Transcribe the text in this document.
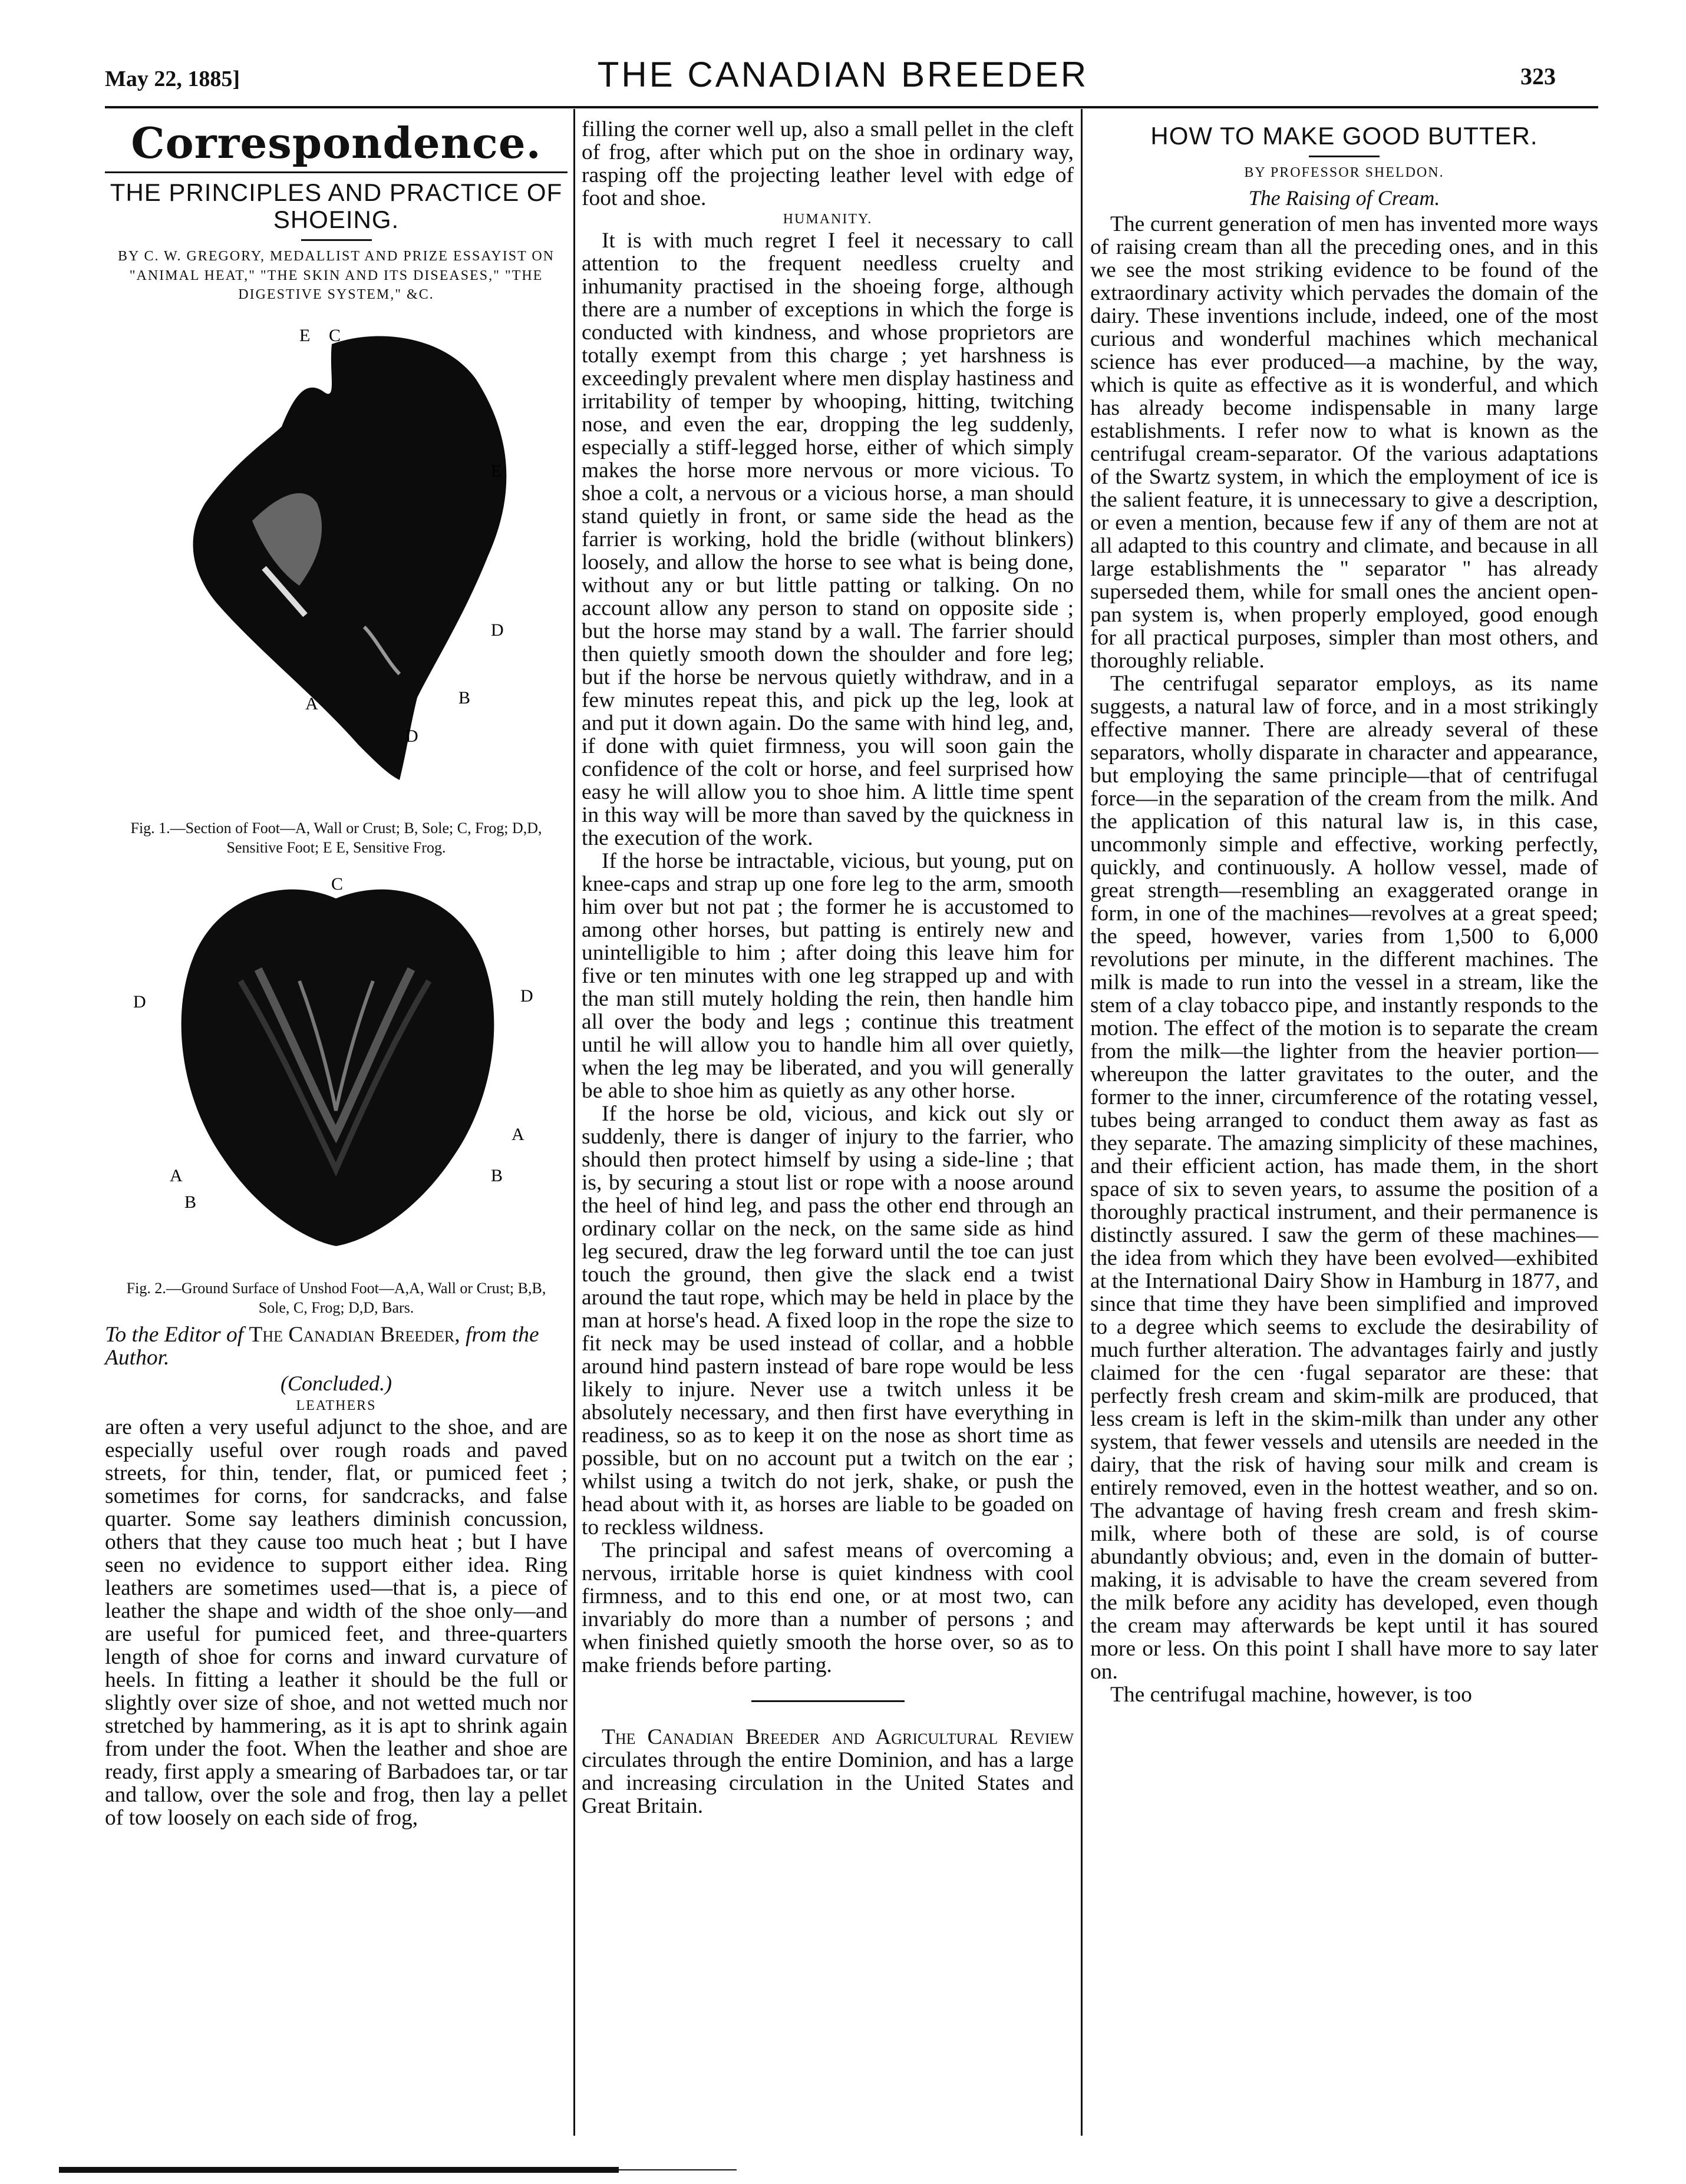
May 22, 1885]	THE CANADIAN BREEDER	323
Correspondence.
THE PRINCIPLES AND PRACTICE OF SHOEING.
BY C. W. GREGORY, MEDALLIST AND PRIZE ESSAYIST ON "ANIMAL HEAT," "THE SKIN AND ITS DISEASES," "THE DIGESTIVE SYSTEM," &C.
E C
E
D
B
A
D
Fig. 1.—Section of Foot—A, Wall or Crust; B, Sole; C, Frog; D,D, Sensitive Foot; E E, Sensitive Frog.
C
D	D
A
A	B
B
Fig. 2.—Ground Surface of Unshod Foot—A,A, Wall or Crust; B,B, Sole, C, Frog; D,D, Bars.

To the Editor of The Canadian Breeder, from the Author.

(Concluded.)
LEATHERS

are often a very useful adjunct to the shoe, and are especially useful over rough roads and paved streets, for thin, tender, flat, or pumiced feet ; sometimes for corns, for sandcracks, and false quarter. Some say leathers diminish concussion, others that they cause too much heat ; but I have seen no evidence to support either idea. Ring leathers are sometimes used—that is, a piece of leather the shape and width of the shoe only—and are useful for pumiced feet, and three-quarters length of shoe for corns and inward curvature of heels. In fitting a leather it should be the full or slightly over size of shoe, and not wetted much nor stretched by hammering, as it is apt to shrink again from under the foot. When the leather and shoe are ready, first apply a smearing of Barbadoes tar, or tar and tallow, over the sole and frog, then lay a pellet of tow loosely on each side of frog,

filling the corner well up, also a small pellet in the cleft of frog, after which put on the shoe in ordinary way, rasping off the projecting leather level with edge of foot and shoe.

HUMANITY.

It is with much regret I feel it necessary to call attention to the frequent needless cruelty and inhumanity practised in the shoeing forge, although there are a number of exceptions in which the forge is conducted with kindness, and whose proprietors are totally exempt from this charge ; yet harshness is exceedingly prevalent where men display hastiness and irritability of temper by whooping, hitting, twitching nose, and even the ear, dropping the leg suddenly, especially a stiff-legged horse, either of which simply makes the horse more nervous or more vicious. To shoe a colt, a nervous or a vicious horse, a man should stand quietly in front, or same side the head as the farrier is working, hold the bridle (without blinkers) loosely, and allow the horse to see what is being done, without any or but little patting or talking. On no account allow any person to stand on opposite side ; but the horse may stand by a wall. The farrier should then quietly smooth down the shoulder and fore leg; but if the horse be nervous quietly withdraw, and in a few minutes repeat this, and pick up the leg, look at and put it down again. Do the same with hind leg, and, if done with quiet firmness, you will soon gain the confidence of the colt or horse, and feel surprised how easy he will allow you to shoe him. A little time spent in this way will be more than saved by the quickness in the execution of the work.

If the horse be intractable, vicious, but young, put on knee-caps and strap up one fore leg to the arm, smooth him over but not pat ; the former he is accustomed to among other horses, but patting is entirely new and unintelligible to him ; after doing this leave him for five or ten minutes with one leg strapped up and with the man still mutely holding the rein, then handle him all over the body and legs ; continue this treatment until he will allow you to handle him all over quietly, when the leg may be liberated, and you will generally be able to shoe him as quietly as any other horse.

If the horse be old, vicious, and kick out sly or suddenly, there is danger of injury to the farrier, who should then protect himself by using a side-line ; that is, by securing a stout list or rope with a noose around the heel of hind leg, and pass the other end through an ordinary collar on the neck, on the same side as hind leg secured, draw the leg forward until the toe can just touch the ground, then give the slack end a twist around the taut rope, which may be held in place by the man at horse's head. A fixed loop in the rope the size to fit neck may be used instead of collar, and a hobble around hind pastern instead of bare rope would be less likely to injure. Never use a twitch unless it be absolutely necessary, and then first have everything in readiness, so as to keep it on the nose as short time as possible, but on no account put a twitch on the ear ; whilst using a twitch do not jerk, shake, or push the head about with it, as horses are liable to be goaded on to reckless wildness.

The principal and safest means of overcoming a nervous, irritable horse is quiet kindness with cool firmness, and to this end one, or at most two, can invariably do more than a number of persons ; and when finished quietly smooth the horse over, so as to make friends before parting.

The Canadian Breeder and Agricultural Review circulates through the entire Dominion, and has a large and increasing circulation in the United States and Great Britain.

HOW TO MAKE GOOD BUTTER.
BY PROFESSOR SHELDON.
The Raising of Cream.

The current generation of men has invented more ways of raising cream than all the preceding ones, and in this we see the most striking evidence to be found of the extraordinary activity which pervades the domain of the dairy. These inventions include, indeed, one of the most curious and wonderful machines which mechanical science has ever produced—a machine, by the way, which is quite as effective as it is wonderful, and which has already become indispensable in many large establishments. I refer now to what is known as the centrifugal cream-separator. Of the various adaptations of the Swartz system, in which the employment of ice is the salient feature, it is unnecessary to give a description, or even a mention, because few if any of them are not at all adapted to this country and climate, and because in all large establishments the " separator " has already superseded them, while for small ones the ancient open-pan system is, when properly employed, good enough for all practical purposes, simpler than most others, and thoroughly reliable.

The centrifugal separator employs, as its name suggests, a natural law of force, and in a most strikingly effective manner. There are already several of these separators, wholly disparate in character and appearance, but employing the same principle—that of centrifugal force—in the separation of the cream from the milk. And the application of this natural law is, in this case, uncommonly simple and effective, working perfectly, quickly, and continuously. A hollow vessel, made of great strength—resembling an exaggerated orange in form, in one of the machines—revolves at a great speed; the speed, however, varies from 1,500 to 6,000 revolutions per minute, in the different machines. The milk is made to run into the vessel in a stream, like the stem of a clay tobacco pipe, and instantly responds to the motion. The effect of the motion is to separate the cream from the milk—the lighter from the heavier portion—whereupon the latter gravitates to the outer, and the former to the inner, circumference of the rotating vessel, tubes being arranged to conduct them away as fast as they separate. The amazing simplicity of these machines, and their efficient action, has made them, in the short space of six to seven years, to assume the position of a thoroughly practical instrument, and their permanence is distinctly assured. I saw the germ of these machines—the idea from which they have been evolved—exhibited at the International Dairy Show in Hamburg in 1877, and since that time they have been simplified and improved to a degree which seems to exclude the desirability of much further alteration. The advantages fairly and justly claimed for the cen ·fugal separator are these: that perfectly fresh cream and skim-milk are produced, that less cream is left in the skim-milk than under any other system, that fewer vessels and utensils are needed in the dairy, that the risk of having sour milk and cream is entirely removed, even in the hottest weather, and so on. The advantage of having fresh cream and fresh skim-milk, where both of these are sold, is of course abundantly obvious; and, even in the domain of butter-making, it is advisable to have the cream severed from the milk before any acidity has developed, even though the cream may afterwards be kept until it has soured more or less. On this point I shall have more to say later on.

The centrifugal machine, however, is too
